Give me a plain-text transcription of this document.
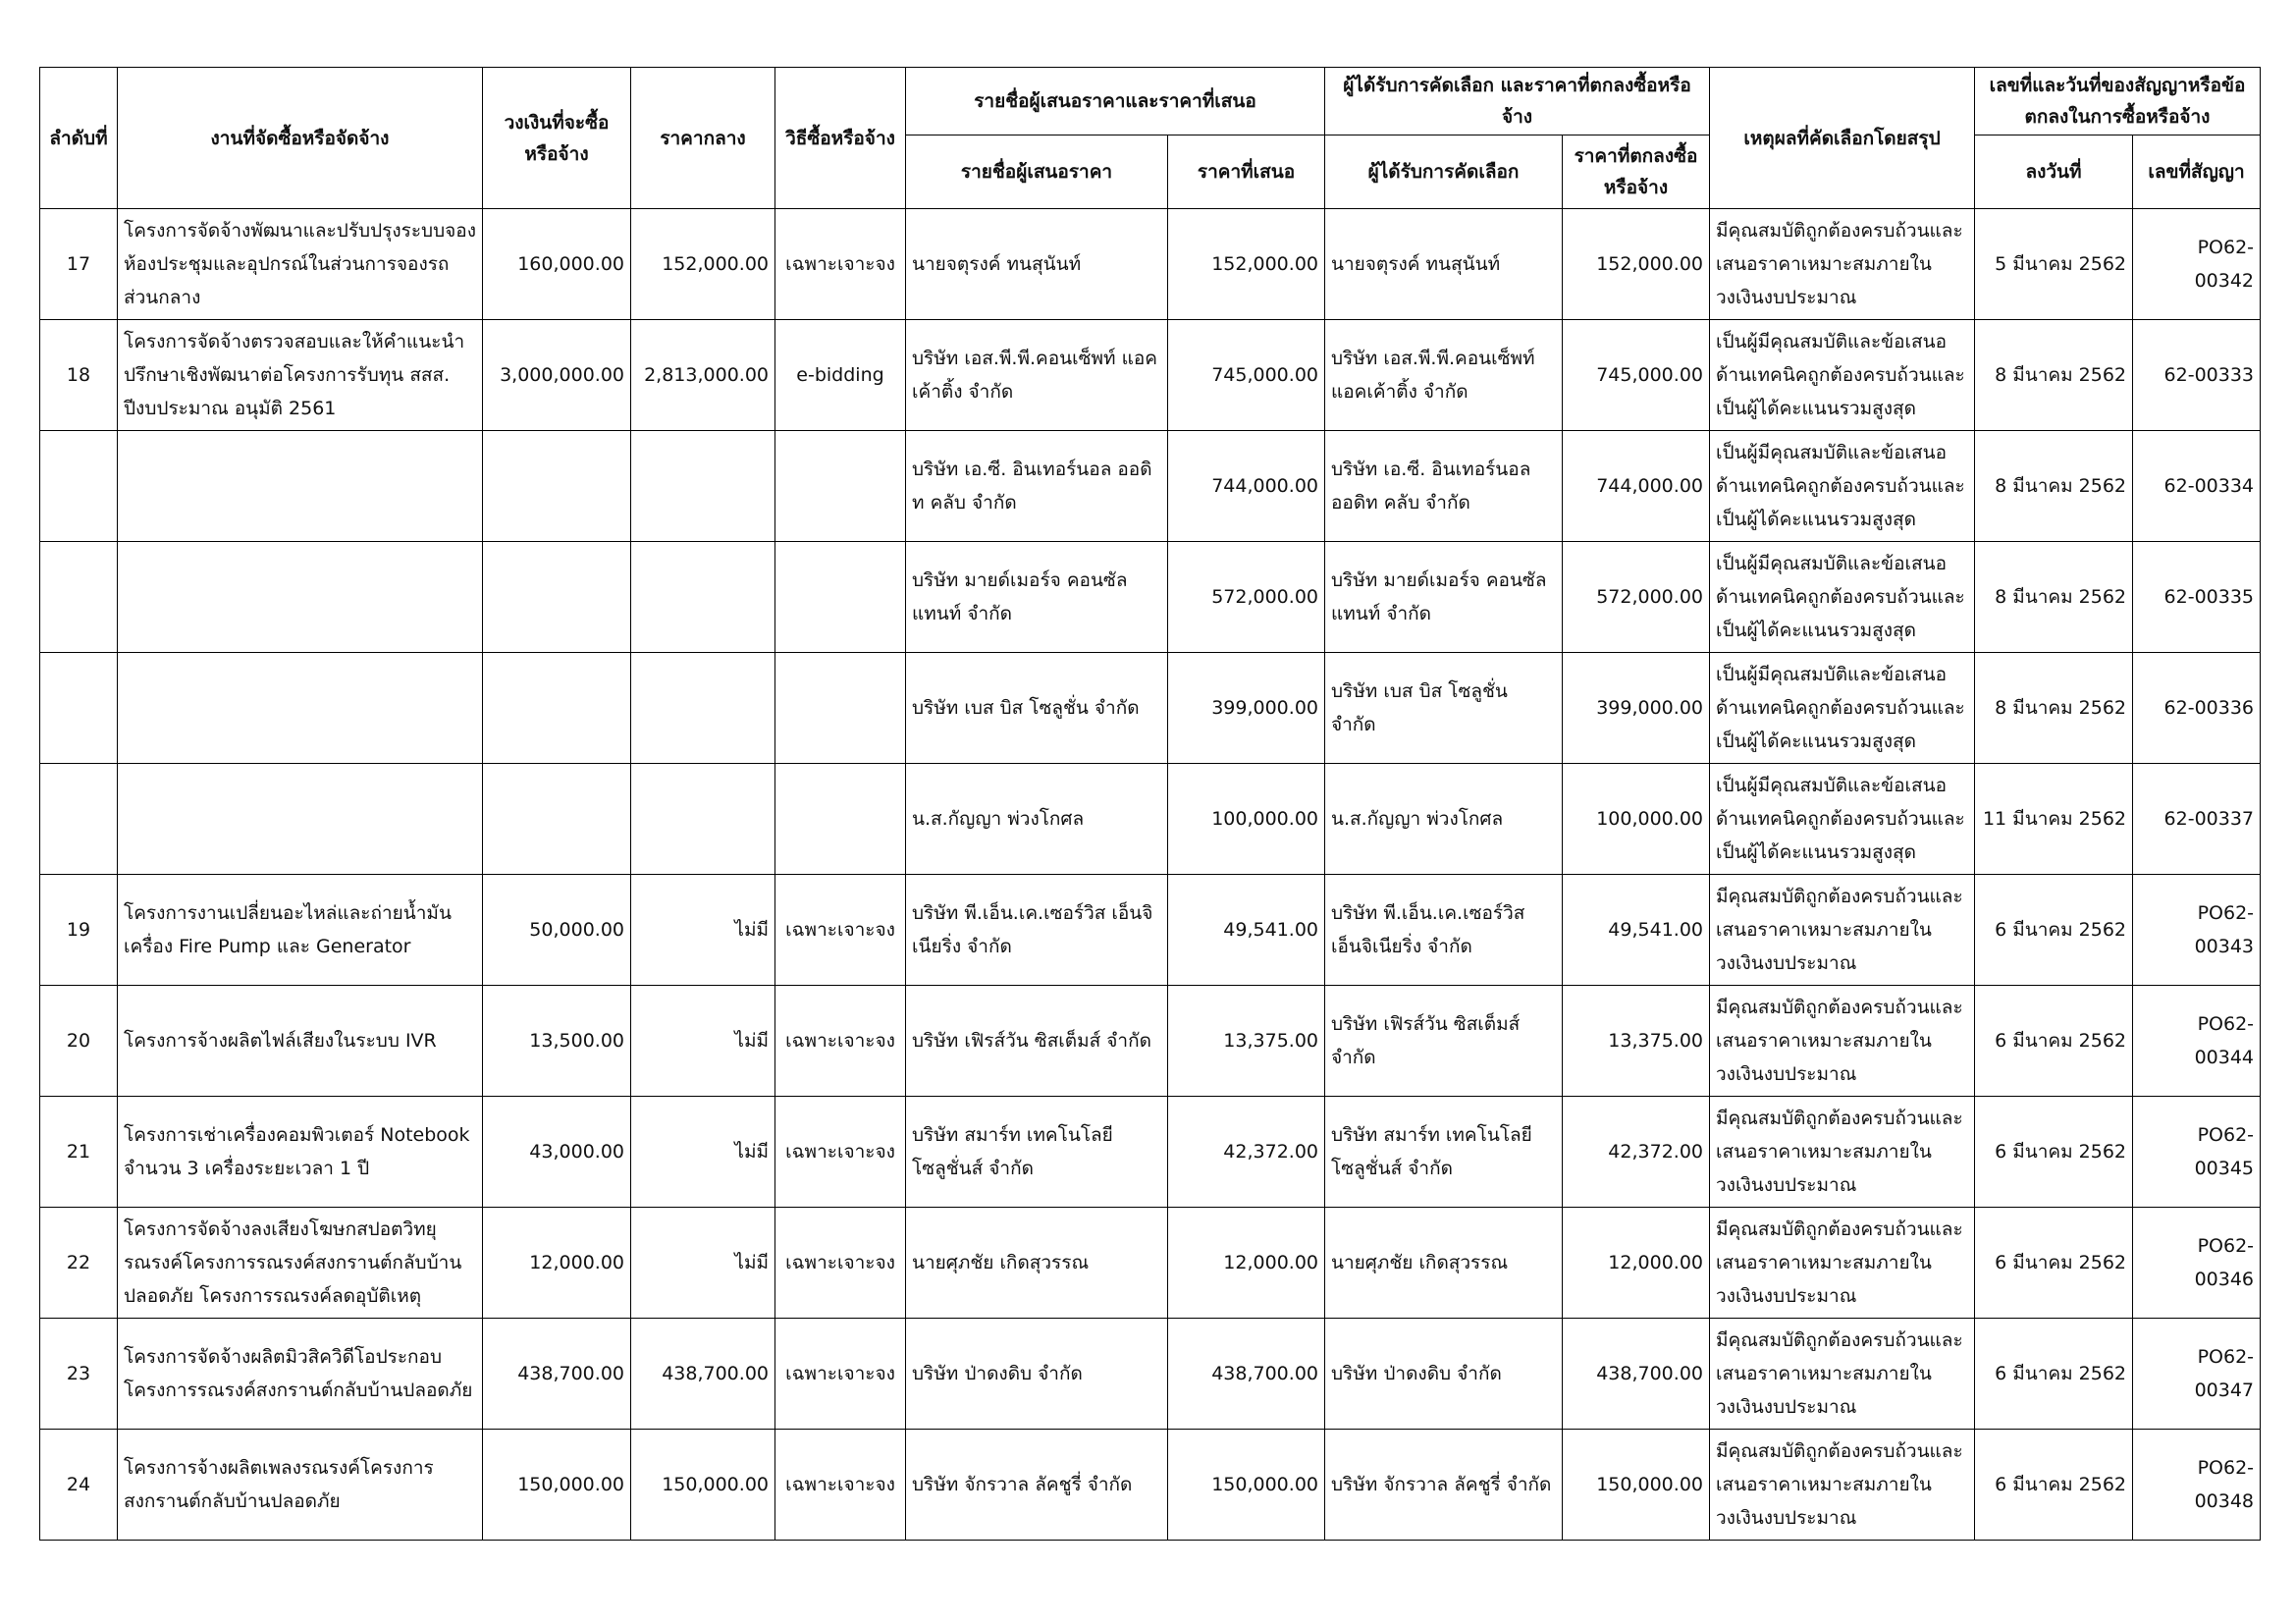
ลำดับที่	งานที่จัดซื้อหรือจัดจ้าง	วงเงินที่จะซื้อหรือจ้าง	ราคากลาง	วิธีซื้อหรือจ้าง	รายชื่อผู้เสนอราคาและราคาที่เสนอ		ผู้ได้รับการคัดเลือก และราคาที่ตกลงซื้อหรือจ้าง		เหตุผลที่คัดเลือกโดยสรุป	เลขที่และวันที่ของสัญญาหรือข้อตกลงในการซื้อหรือจ้าง	
					รายชื่อผู้เสนอราคา	ราคาที่เสนอ	ผู้ได้รับการคัดเลือก	ราคาที่ตกลงซื้อหรือจ้าง		ลงวันที่	เลขที่สัญญา
17	โครงการจัดจ้างพัฒนาและปรับปรุงระบบจองห้องประชุมและอุปกรณ์ในส่วนการจองรถส่วนกลาง	160,000.00	152,000.00	เฉพาะเจาะจง	นายจตุรงค์ ทนสุนันท์	152,000.00	นายจตุรงค์ ทนสุนันท์	152,000.00	มีคุณสมบัติถูกต้องครบถ้วนและเสนอราคาเหมาะสมภายในวงเงินงบประมาณ	5 มีนาคม 2562	PO62-00342
18	โครงการจัดจ้างตรวจสอบและให้คำแนะนำปรึกษาเชิงพัฒนาต่อโครงการรับทุน สสส. ปีงบประมาณ อนุมัติ 2561	3,000,000.00	2,813,000.00	e-bidding	บริษัท เอส.พี.พี.คอนเซ็พท์ แอคเค้าติ้ง จำกัด	745,000.00	บริษัท เอส.พี.พี.คอนเซ็พท์ แอคเค้าติ้ง จำกัด	745,000.00	เป็นผู้มีคุณสมบัติและข้อเสนอด้านเทคนิคถูกต้องครบถ้วนและเป็นผู้ได้คะแนนรวมสูงสุด	8 มีนาคม 2562	62-00333
					บริษัท เอ.ซี. อินเทอร์นอล ออดิท คลับ จำกัด	744,000.00	บริษัท เอ.ซี. อินเทอร์นอล ออดิท คลับ จำกัด	744,000.00	เป็นผู้มีคุณสมบัติและข้อเสนอด้านเทคนิคถูกต้องครบถ้วนและเป็นผู้ได้คะแนนรวมสูงสุด	8 มีนาคม 2562	62-00334
					บริษัท มายด์เมอร์จ คอนซัลแทนท์ จำกัด	572,000.00	บริษัท มายด์เมอร์จ คอนซัลแทนท์ จำกัด	572,000.00	เป็นผู้มีคุณสมบัติและข้อเสนอด้านเทคนิคถูกต้องครบถ้วนและเป็นผู้ได้คะแนนรวมสูงสุด	8 มีนาคม 2562	62-00335
					บริษัท เบส บิส โซลูชั่น จำกัด	399,000.00	บริษัท เบส บิส โซลูชั่น จำกัด	399,000.00	เป็นผู้มีคุณสมบัติและข้อเสนอด้านเทคนิคถูกต้องครบถ้วนและเป็นผู้ได้คะแนนรวมสูงสุด	8 มีนาคม 2562	62-00336
					น.ส.กัญญา พ่วงโกศล	100,000.00	น.ส.กัญญา พ่วงโกศล	100,000.00	เป็นผู้มีคุณสมบัติและข้อเสนอด้านเทคนิคถูกต้องครบถ้วนและเป็นผู้ได้คะแนนรวมสูงสุด	11 มีนาคม 2562	62-00337
19	โครงการงานเปลี่ยนอะไหล่และถ่ายน้ำมันเครื่อง Fire Pump และ Generator	50,000.00	ไม่มี	เฉพาะเจาะจง	บริษัท พี.เอ็น.เค.เซอร์วิส เอ็นจิเนียริ่ง จำกัด	49,541.00	บริษัท พี.เอ็น.เค.เซอร์วิส เอ็นจิเนียริ่ง จำกัด	49,541.00	มีคุณสมบัติถูกต้องครบถ้วนและเสนอราคาเหมาะสมภายในวงเงินงบประมาณ	6 มีนาคม 2562	PO62-00343
20	โครงการจ้างผลิตไฟล์เสียงในระบบ IVR	13,500.00	ไม่มี	เฉพาะเจาะจง	บริษัท เฟิรส์วัน ซิสเต็มส์ จำกัด	13,375.00	บริษัท เฟิรส์วัน ซิสเต็มส์ จำกัด	13,375.00	มีคุณสมบัติถูกต้องครบถ้วนและเสนอราคาเหมาะสมภายในวงเงินงบประมาณ	6 มีนาคม 2562	PO62-00344
21	โครงการเช่าเครื่องคอมพิวเตอร์ Notebook จำนวน 3 เครื่องระยะเวลา 1 ปี	43,000.00	ไม่มี	เฉพาะเจาะจง	บริษัท สมาร์ท เทคโนโลยี โซลูชั่นส์ จำกัด	42,372.00	บริษัท สมาร์ท เทคโนโลยี โซลูชั่นส์ จำกัด	42,372.00	มีคุณสมบัติถูกต้องครบถ้วนและเสนอราคาเหมาะสมภายในวงเงินงบประมาณ	6 มีนาคม 2562	PO62-00345
22	โครงการจัดจ้างลงเสียงโฆษกสปอตวิทยุรณรงค์โครงการรณรงค์สงกรานต์กลับบ้านปลอดภัย โครงการรณรงค์ลดอุบัติเหตุ	12,000.00	ไม่มี	เฉพาะเจาะจง	นายศุภชัย เกิดสุวรรณ	12,000.00	นายศุภชัย เกิดสุวรรณ	12,000.00	มีคุณสมบัติถูกต้องครบถ้วนและเสนอราคาเหมาะสมภายในวงเงินงบประมาณ	6 มีนาคม 2562	PO62-00346
23	โครงการจัดจ้างผลิตมิวสิควิดีโอประกอบโครงการรณรงค์สงกรานต์กลับบ้านปลอดภัย	438,700.00	438,700.00	เฉพาะเจาะจง	บริษัท ป่าดงดิบ จำกัด	438,700.00	บริษัท ป่าดงดิบ จำกัด	438,700.00	มีคุณสมบัติถูกต้องครบถ้วนและเสนอราคาเหมาะสมภายในวงเงินงบประมาณ	6 มีนาคม 2562	PO62-00347
24	โครงการจ้างผลิตเพลงรณรงค์โครงการสงกรานต์กลับบ้านปลอดภัย	150,000.00	150,000.00	เฉพาะเจาะจง	บริษัท จักรวาล ลัคชูรี่ จำกัด	150,000.00	บริษัท จักรวาล ลัคชูรี่ จำกัด	150,000.00	มีคุณสมบัติถูกต้องครบถ้วนและเสนอราคาเหมาะสมภายในวงเงินงบประมาณ	6 มีนาคม 2562	PO62-00348
